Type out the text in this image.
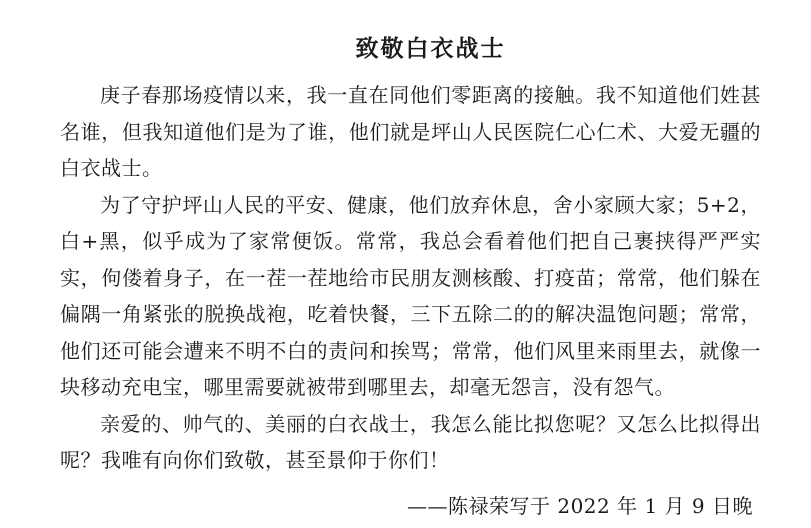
致敬白衣战士

庚子春那场疫情以来，我一直在同他们零距离的接触。我不知道他们姓甚名谁，但我知道他们是为了谁，他们就是坪山人民医院仁心仁术、大爱无疆的白衣战士。

为了守护坪山人民的平安、健康，他们放弃休息，舍小家顾大家；5+2，白+黑，似乎成为了家常便饭。常常，我总会看着他们把自己裹挟得严严实实，佝偻着身子，在一茬一茬地给市民朋友测核酸、打疫苗；常常，他们躲在偏隅一角紧张的脱换战袍，吃着快餐，三下五除二的的解决温饱问题；常常，他们还可能会遭来不明不白的责问和挨骂；常常，他们风里来雨里去，就像一块移动充电宝，哪里需要就被带到哪里去，却毫无怨言，没有怨气。

亲爱的、帅气的、美丽的白衣战士，我怎么能比拟您呢？又怎么比拟得出呢？我唯有向你们致敬，甚至景仰于你们！

——陈禄荣写于 2022 年 1 月 9 日晚
